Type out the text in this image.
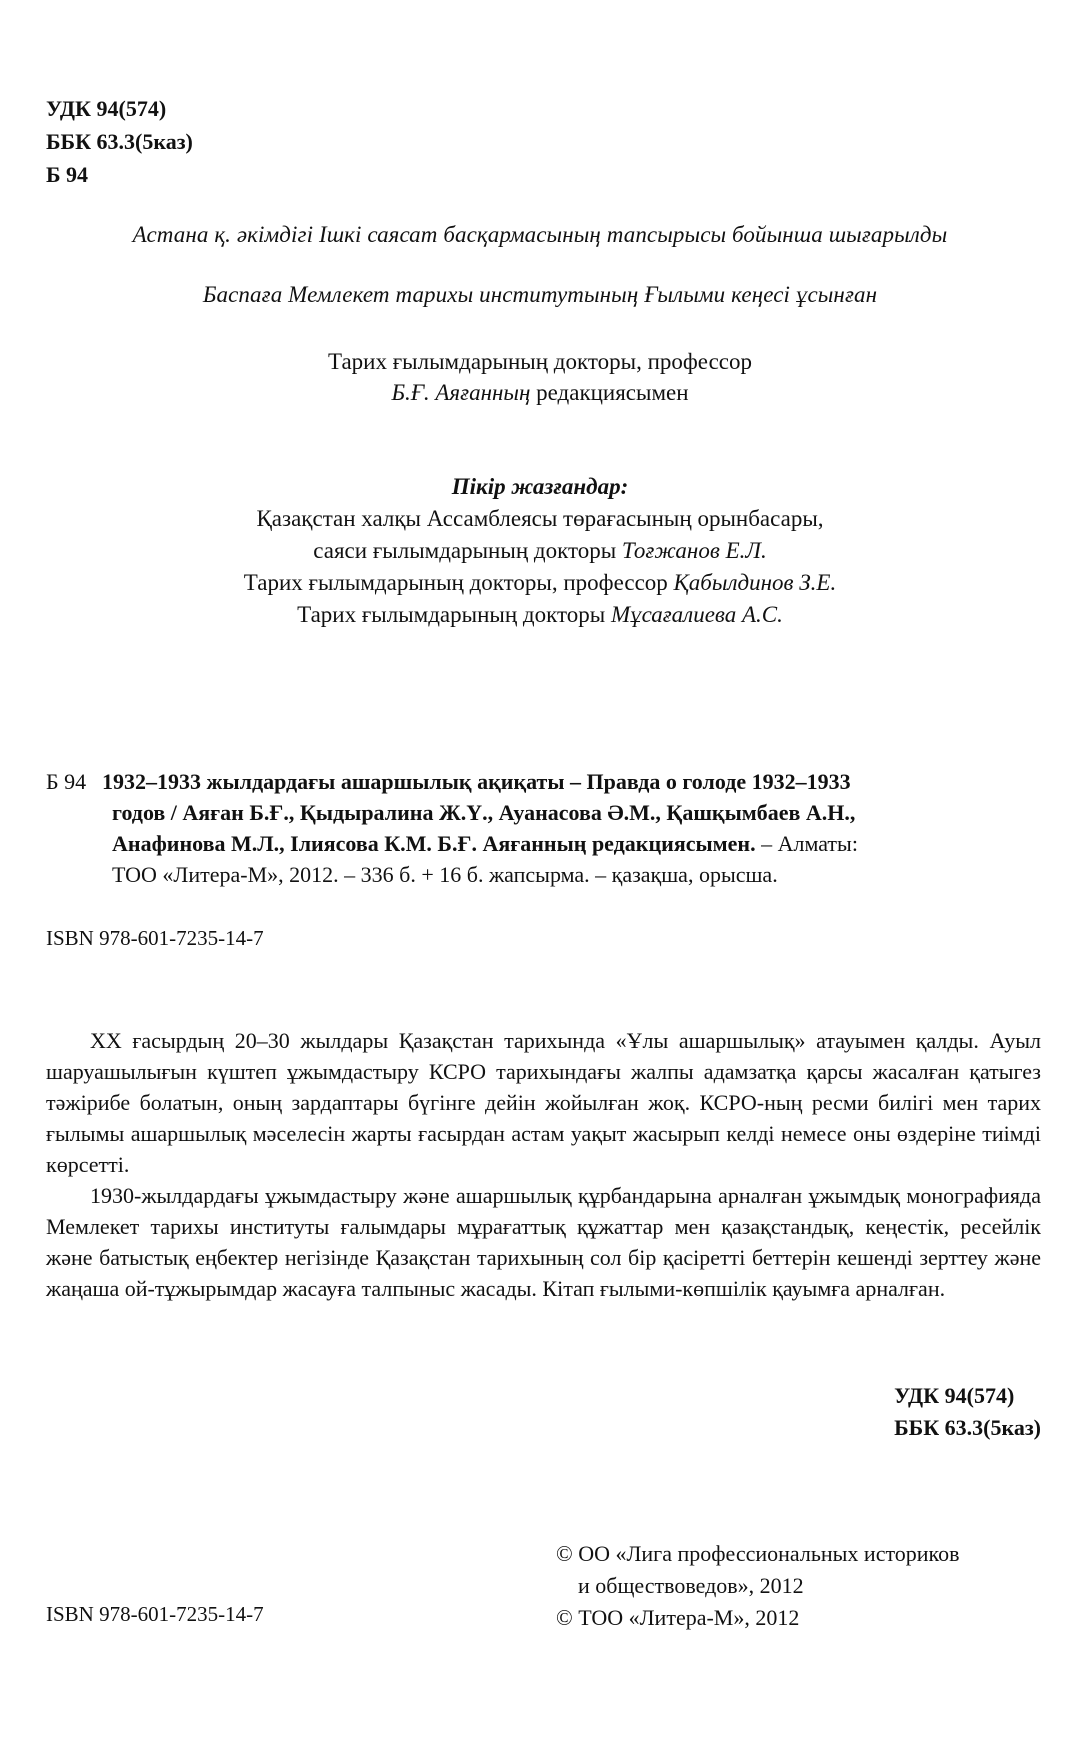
УДК 94(574)
ББК 63.3(5каз)
Б 94
Астана қ. әкімдігі Ішкі саясат басқармасының тапсырысы бойынша шығарылды
Баспаға Мемлекет тарихы институтының Ғылыми кеңесі ұсынған
Тарих ғылымдарының докторы, профессор
Б.Ғ. Аяғанның редакциясымен
Пікір жазғандар:
Қазақстан халқы Ассамблеясы төрағасының орынбасары,
саяси ғылымдарының докторы Тоғжанов Е.Л.
Тарих ғылымдарының докторы, профессор Қабылдинов З.Е.
Тарих ғылымдарының докторы Мұсағалиева А.С.
Б 94 1932–1933 жылдардағы ашаршылық ақиқаты – Правда о голоде 1932–1933
годов / Аяған Б.Ғ., Қыдыралина Ж.Ү., Ауанасова Ә.М., Қашқымбаев А.Н.,
Анафинова М.Л., Ілиясова К.М. Б.Ғ. Аяғанның редакциясымен. – Алматы:
ТОО «Литера-М», 2012. – 336 б. + 16 б. жапсырма. – қазақша, орысша.
ISBN 978-601-7235-14-7

ХХ ғасырдың 20–30 жылдары Қазақстан тарихында «Ұлы ашаршылық» атауымен қалды. Ауыл шаруашылығын күштеп ұжымдастыру КСРО тарихындағы жалпы адамзатқа қарсы жасалған қатыгез тәжірибе болатын, оның зардаптары бүгінге дейін жойылған жоқ. КСРО-ның ресми билігі мен тарих ғылымы ашаршылық мәселесін жарты ғасырдан астам уақыт жасырып келді немесе оны өздеріне тиімді көрсетті.

1930-жылдардағы ұжымдастыру және ашаршылық құрбандарына арналған ұжымдық монографияда Мемлекет тарихы институты ғалымдары мұрағаттық құжаттар мен қазақстандық, кеңестік, ресейлік және батыстық еңбектер негізінде Қазақстан тарихының сол бір қасіретті беттерін кешенді зерттеу және жаңаша ой-тұжырымдар жасауға талпыныс жасады. Кітап ғылыми-көпшілік қауымға арналған.

УДК 94(574)
ББК 63.3(5каз)
ISBN 978-601-7235-14-7
© ОО «Лига профессиональных историков
и обществоведов», 2012
© ТОО «Литера-М», 2012
